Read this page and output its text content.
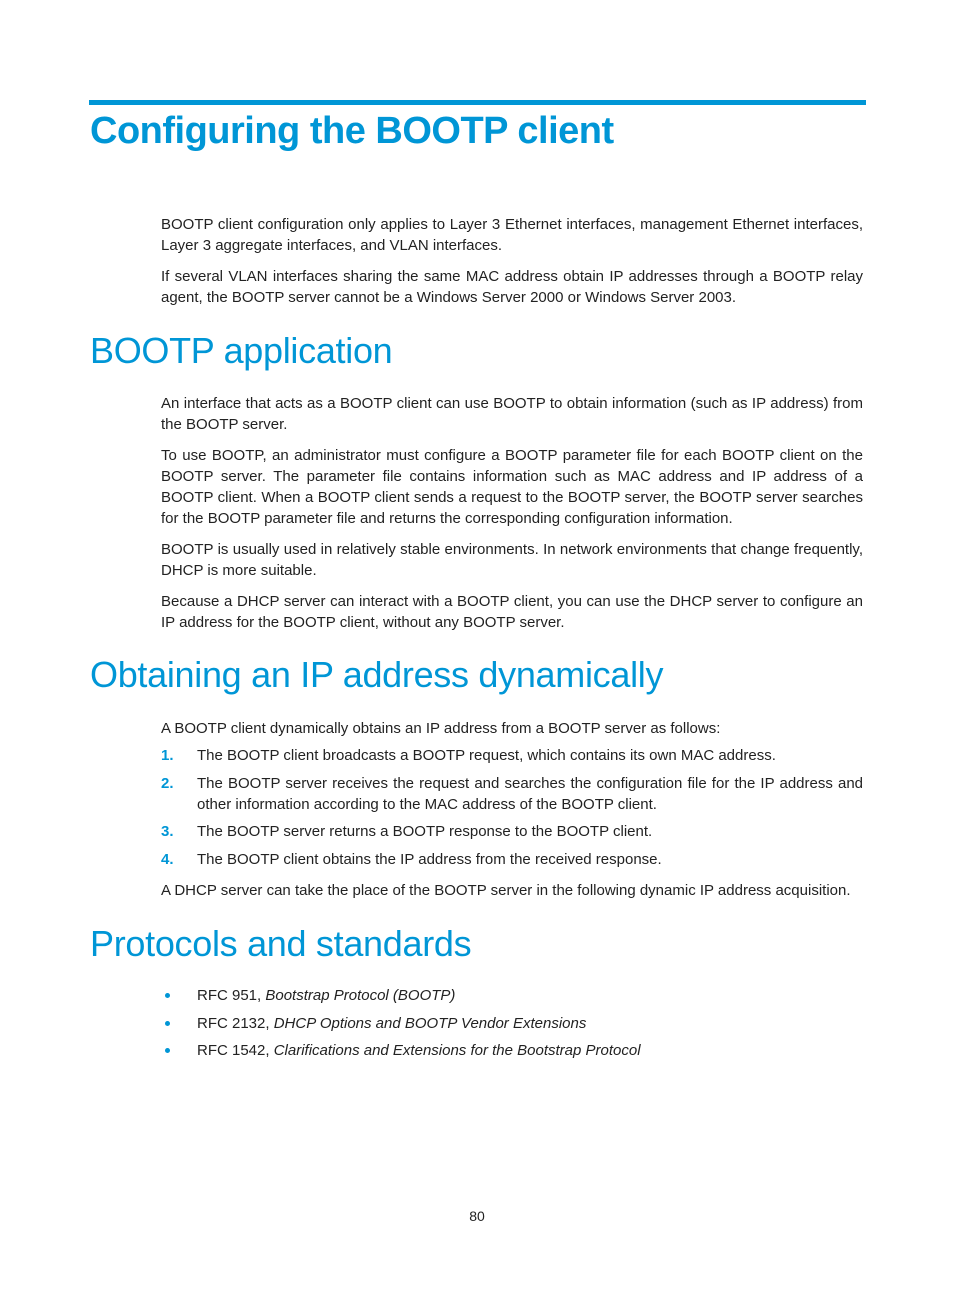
Configuring the BOOTP client

BOOTP client configuration only applies to Layer 3 Ethernet interfaces, management Ethernet interfaces, Layer 3 aggregate interfaces, and VLAN interfaces.

If several VLAN interfaces sharing the same MAC address obtain IP addresses through a BOOTP relay agent, the BOOTP server cannot be a Windows Server 2000 or Windows Server 2003.

BOOTP application

An interface that acts as a BOOTP client can use BOOTP to obtain information (such as IP address) from the BOOTP server.

To use BOOTP, an administrator must configure a BOOTP parameter file for each BOOTP client on the BOOTP server. The parameter file contains information such as MAC address and IP address of a BOOTP client. When a BOOTP client sends a request to the BOOTP server, the BOOTP server searches for the BOOTP parameter file and returns the corresponding configuration information.

BOOTP is usually used in relatively stable environments. In network environments that change frequently, DHCP is more suitable.

Because a DHCP server can interact with a BOOTP client, you can use the DHCP server to configure an IP address for the BOOTP client, without any BOOTP server.

Obtaining an IP address dynamically

A BOOTP client dynamically obtains an IP address from a BOOTP server as follows:

1. The BOOTP client broadcasts a BOOTP request, which contains its own MAC address.
2. The BOOTP server receives the request and searches the configuration file for the IP address and other information according to the MAC address of the BOOTP client.
3. The BOOTP server returns a BOOTP response to the BOOTP client.
4. The BOOTP client obtains the IP address from the received response.

A DHCP server can take the place of the BOOTP server in the following dynamic IP address acquisition.

Protocols and standards
RFC 951, Bootstrap Protocol (BOOTP)
RFC 2132, DHCP Options and BOOTP Vendor Extensions
RFC 1542, Clarifications and Extensions for the Bootstrap Protocol
80
